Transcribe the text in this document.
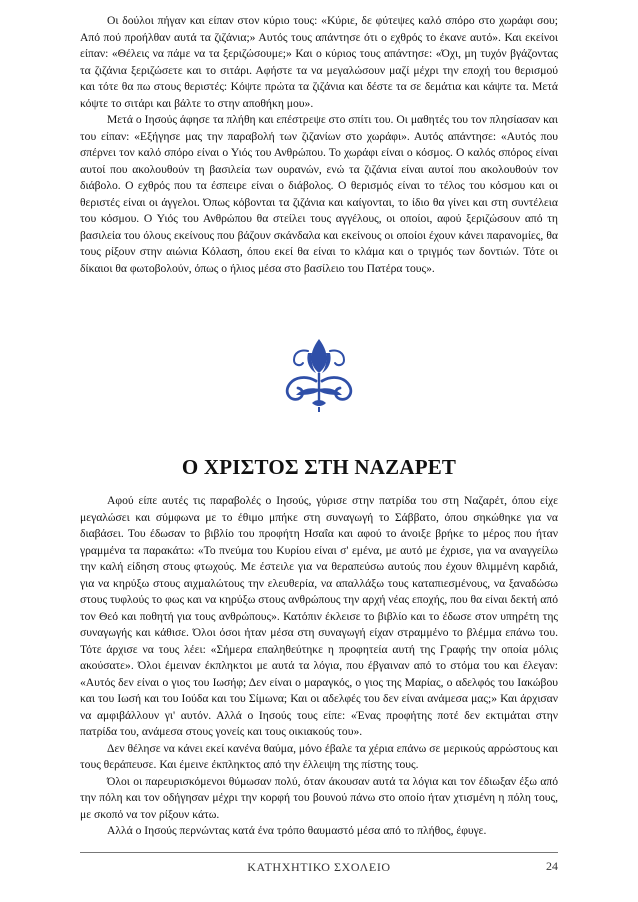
Οι δούλοι πήγαν και είπαν στον κύριο τους: «Κύριε, δε φύτεψες καλό σπόρο στο χωράφι σου; Από πού προήλθαν αυτά τα ζιζάνια;» Αυτός τους απάντησε ότι ο εχθρός το έκανε αυτό». Και εκείνοι είπαν: «Θέλεις να πάμε να τα ξεριζώσουμε;» Και ο κύριος τους απάντησε: «Όχι, μη τυχόν βγάζοντας τα ζιζάνια ξεριζώσετε και το σιτάρι. Αφήστε τα να μεγαλώσουν μαζί μέχρι την εποχή του θερισμού και τότε θα πω στους θεριστές: Κόψτε πρώτα τα ζιζάνια και δέστε τα σε δεμάτια και κάψτε τα. Μετά κόψτε το σιτάρι και βάλτε το στην αποθήκη μου».

Μετά ο Ιησούς άφησε τα πλήθη και επέστρεψε στο σπίτι του. Οι μαθητές του τον πλησίασαν και του είπαν: «Εξήγησε μας την παραβολή των ζιζανίων στο χωράφι». Αυτός απάντησε: «Αυτός που σπέρνει τον καλό σπόρο είναι ο Υιός του Ανθρώπου. Το χωράφι είναι ο κόσμος. Ο καλός σπόρος είναι αυτοί που ακολουθούν τη βασιλεία των ουρανών, ενώ τα ζιζάνια είναι αυτοί που ακολουθούν τον διάβολο. Ο εχθρός που τα έσπειρε είναι ο διάβολος. Ο θερισμός είναι το τέλος του κόσμου και οι θεριστές είναι οι άγγελοι. Όπως κόβονται τα ζιζάνια και καίγονται, το ίδιο θα γίνει και στη συντέλεια του κόσμου. Ο Υιός του Ανθρώπου θα στείλει τους αγγέλους, οι οποίοι, αφού ξεριζώσουν από τη βασιλεία του όλους εκείνους που βάζουν σκάνδαλα και εκείνους οι οποίοι έχουν κάνει παρανομίες, θα τους ρίξουν στην αιώνια Κόλαση, όπου εκεί θα είναι το κλάμα και ο τριγμός των δοντιών. Τότε οι δίκαιοι θα φωτοβολούν, όπως ο ήλιος μέσα στο βασίλειο του Πατέρα τους».

Ο ΧΡΙΣΤΟΣ ΣΤΗ ΝΑΖΑΡΕΤ

Αφού είπε αυτές τις παραβολές ο Ιησούς, γύρισε στην πατρίδα του στη Ναζαρέτ, όπου είχε μεγαλώσει και σύμφωνα με το έθιμο μπήκε στη συναγωγή το Σάββατο, όπου σηκώθηκε για να διαβάσει. Του έδωσαν το βιβλίο του προφήτη Ησαΐα και αφού το άνοιξε βρήκε το μέρος που ήταν γραμμένα τα παρακάτω: «Το πνεύμα του Κυρίου είναι σ' εμένα, με αυτό με έχρισε, για να αναγγείλω την καλή είδηση στους φτωχούς. Με έστειλε για να θεραπεύσω αυτούς που έχουν θλιμμένη καρδιά, για να κηρύξω στους αιχμαλώτους την ελευθερία, να απαλλάξω τους καταπιεσμένους, να ξαναδώσω στους τυφλούς το φως και να κηρύξω στους ανθρώπους την αρχή νέας εποχής, που θα είναι δεκτή από τον Θεό και ποθητή για τους ανθρώπους». Κατόπιν έκλεισε το βιβλίο και το έδωσε στον υπηρέτη της συναγωγής και κάθισε. Όλοι όσοι ήταν μέσα στη συναγωγή είχαν στραμμένο το βλέμμα επάνω του. Τότε άρχισε να τους λέει: «Σήμερα επαληθεύτηκε η προφητεία αυτή της Γραφής την οποία μόλις ακούσατε». Όλοι έμειναν έκπληκτοι με αυτά τα λόγια, που έβγαιναν από το στόμα του και έλεγαν: «Αυτός δεν είναι ο γιος του Ιωσήφ; Δεν είναι ο μαραγκός, ο γιος της Μαρίας, ο αδελφός του Ιακώβου και του Ιωσή και του Ιούδα και του Σίμωνα; Και οι αδελφές του δεν είναι ανάμεσα μας;» Και άρχισαν να αμφιβάλλουν γι' αυτόν. Αλλά ο Ιησούς τους είπε: «Ένας προφήτης ποτέ δεν εκτιμάται στην πατρίδα του, ανάμεσα στους γονείς και τους οικιακούς του».

Δεν θέλησε να κάνει εκεί κανένα θαύμα, μόνο έβαλε τα χέρια επάνω σε μερικούς αρρώστους και τους θεράπευσε. Και έμεινε έκπληκτος από την έλλειψη της πίστης τους.

Όλοι οι παρευρισκόμενοι θύμωσαν πολύ, όταν άκουσαν αυτά τα λόγια και τον έδιωξαν έξω από την πόλη και τον οδήγησαν μέχρι την κορφή του βουνού πάνω στο οποίο ήταν χτισμένη η πόλη τους, με σκοπό να τον ρίξουν κάτω.

Αλλά ο Ιησούς περνώντας κατά ένα τρόπο θαυμαστό μέσα από το πλήθος, έφυγε.

ΚΑΤΗΧΗΤΙΚΟ ΣΧΟΛΕΙΟ	24
